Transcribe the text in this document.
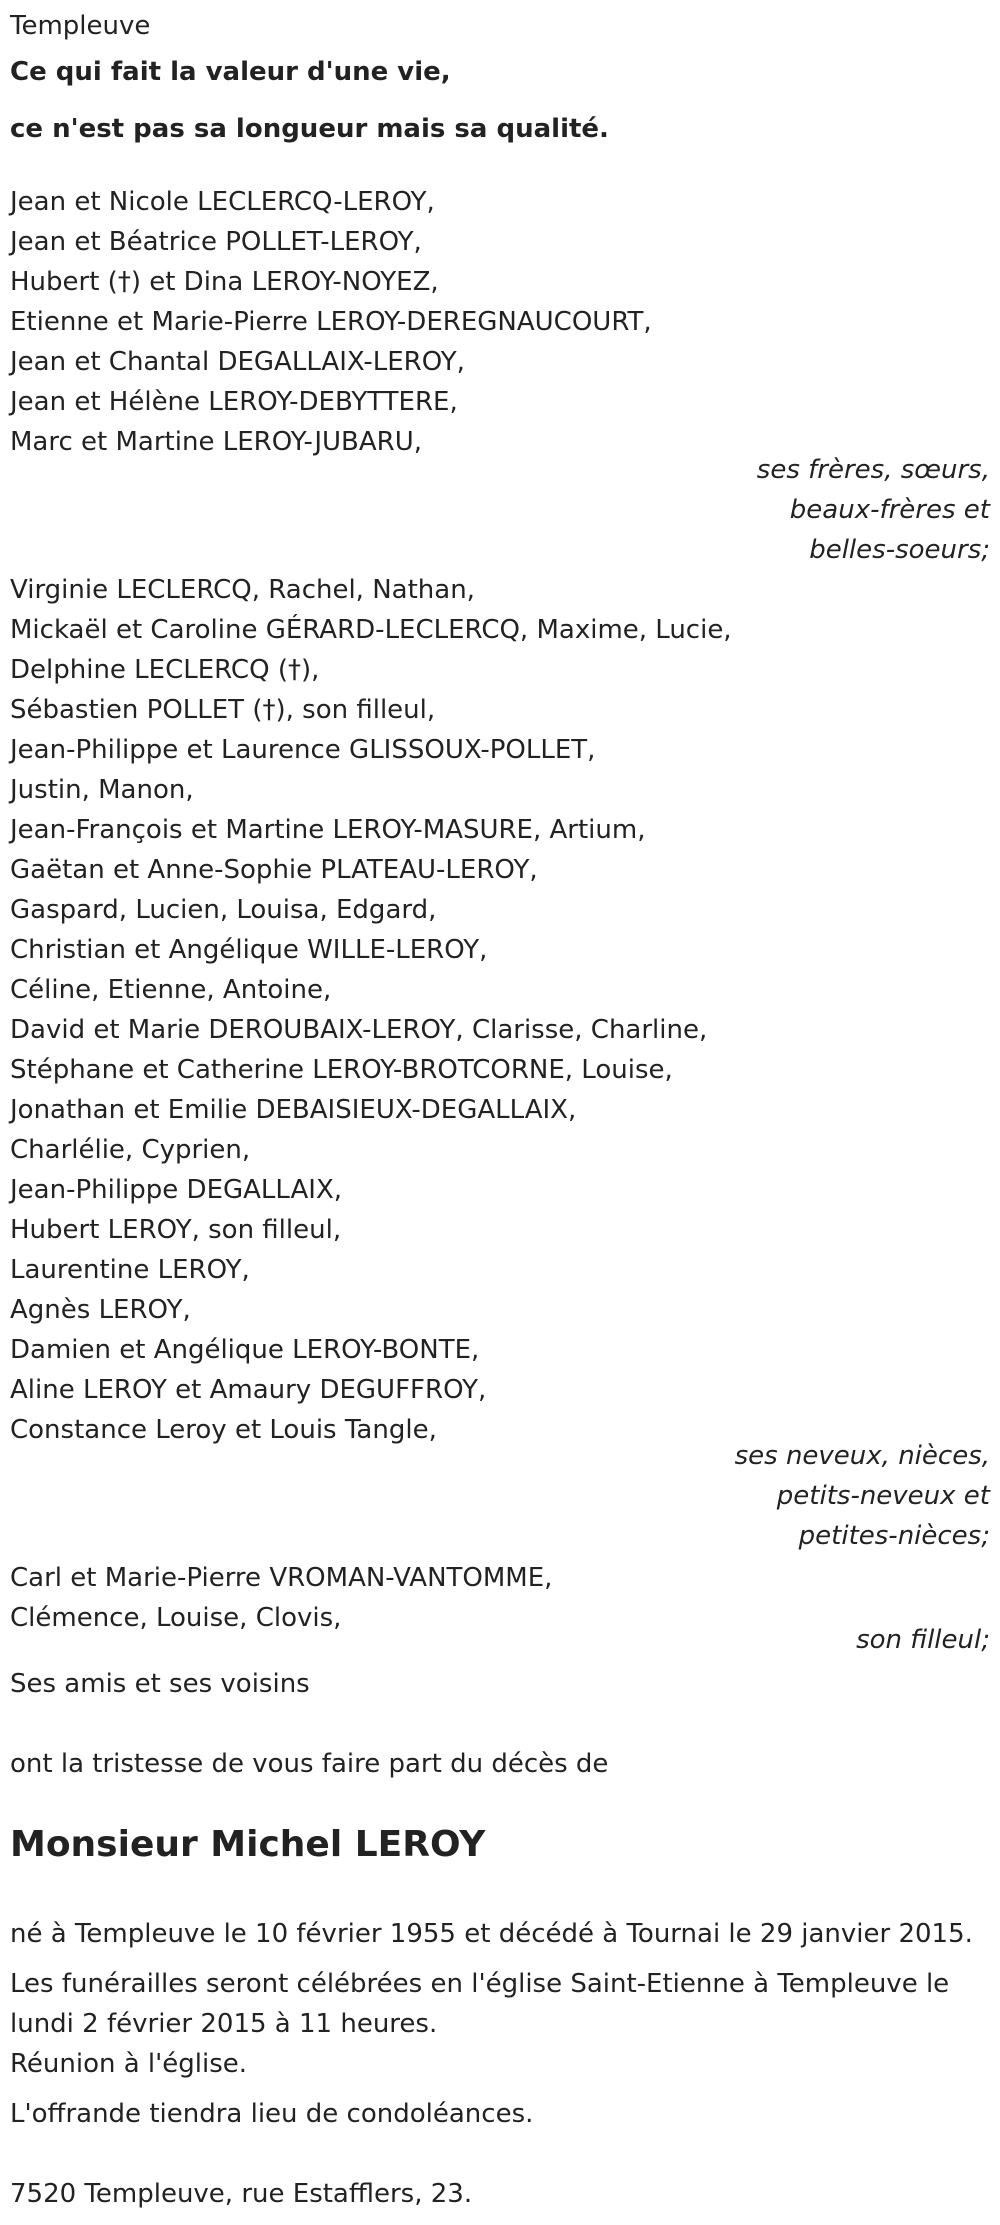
Templeuve
Ce qui fait la valeur d'une vie,
ce n'est pas sa longueur mais sa qualité.
Jean et Nicole LECLERCQ-LEROY,
Jean et Béatrice POLLET-LEROY,
Hubert (†) et Dina LEROY-NOYEZ,
Etienne et Marie-Pierre LEROY-DEREGNAUCOURT,
Jean et Chantal DEGALLAIX-LEROY,
Jean et Hélène LEROY-DEBYTTERE,
Marc et Martine LEROY-JUBARU,
ses frères, sœurs,
beaux-frères et
belles-soeurs;
Virginie LECLERCQ, Rachel, Nathan,
Mickaël et Caroline GÉRARD-LECLERCQ, Maxime, Lucie,
Delphine LECLERCQ (†),
Sébastien POLLET (†), son filleul,
Jean-Philippe et Laurence GLISSOUX-POLLET,
Justin, Manon,
Jean-François et Martine LEROY-MASURE, Artium,
Gaëtan et Anne-Sophie PLATEAU-LEROY,
Gaspard, Lucien, Louisa, Edgard,
Christian et Angélique WILLE-LEROY,
Céline, Etienne, Antoine,
David et Marie DEROUBAIX-LEROY, Clarisse, Charline,
Stéphane et Catherine LEROY-BROTCORNE, Louise,
Jonathan et Emilie DEBAISIEUX-DEGALLAIX,
Charlélie, Cyprien,
Jean-Philippe DEGALLAIX,
Hubert LEROY, son filleul,
Laurentine LEROY,
Agnès LEROY,
Damien et Angélique LEROY-BONTE,
Aline LEROY et Amaury DEGUFFROY,
Constance Leroy et Louis Tangle,
ses neveux, nièces,
petits-neveux et
petites-nièces;
Carl et Marie-Pierre VROMAN-VANTOMME,
Clémence, Louise, Clovis,
son filleul;
Ses amis et ses voisins
ont la tristesse de vous faire part du décès de
Monsieur Michel LEROY
né à Templeuve le 10 février 1955 et décédé à Tournai le 29 janvier 2015.
Les funérailles seront célébrées en l'église Saint-Etienne à Templeuve le lundi 2 février 2015 à 11 heures.
Réunion à l'église.
L'offrande tiendra lieu de condoléances.
7520 Templeuve, rue Estafflers, 23.
